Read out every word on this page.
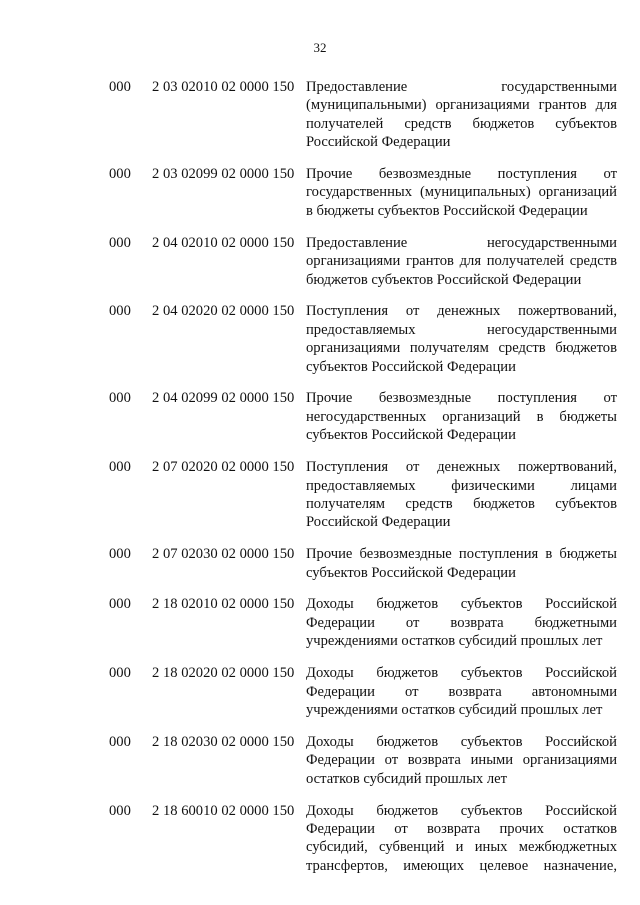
32
000 2 03 02010 02 0000 150 Предоставление государственными
(муниципальными) организациями грантов для
получателей средств бюджетов субъектов
Российской Федерации
000 2 03 02099 02 0000 150 Прочие безвозмездные поступления от
государственных (муниципальных) организаций
в бюджеты субъектов Российской Федерации
000 2 04 02010 02 0000 150 Предоставление негосударственными
организациями грантов для получателей средств
бюджетов субъектов Российской Федерации
000 2 04 02020 02 0000 150 Поступления от денежных пожертвований,
предоставляемых негосударственными
организациями получателям средств бюджетов
субъектов Российской Федерации
000 2 04 02099 02 0000 150 Прочие безвозмездные поступления от
негосударственных организаций в бюджеты
субъектов Российской Федерации
000 2 07 02020 02 0000 150 Поступления от денежных пожертвований,
предоставляемых физическими лицами
получателям средств бюджетов субъектов
Российской Федерации
000 2 07 02030 02 0000 150 Прочие безвозмездные поступления в бюджеты
субъектов Российской Федерации
000 2 18 02010 02 0000 150 Доходы бюджетов субъектов Российской
Федерации от возврата бюджетными
учреждениями остатков субсидий прошлых лет
000 2 18 02020 02 0000 150 Доходы бюджетов субъектов Российской
Федерации от возврата автономными
учреждениями остатков субсидий прошлых лет
000 2 18 02030 02 0000 150 Доходы бюджетов субъектов Российской
Федерации от возврата иными организациями
остатков субсидий прошлых лет
000 2 18 60010 02 0000 150 Доходы бюджетов субъектов Российской
Федерации от возврата прочих остатков
субсидий, субвенций и иных межбюджетных
трансфертов, имеющих целевое назначение,
